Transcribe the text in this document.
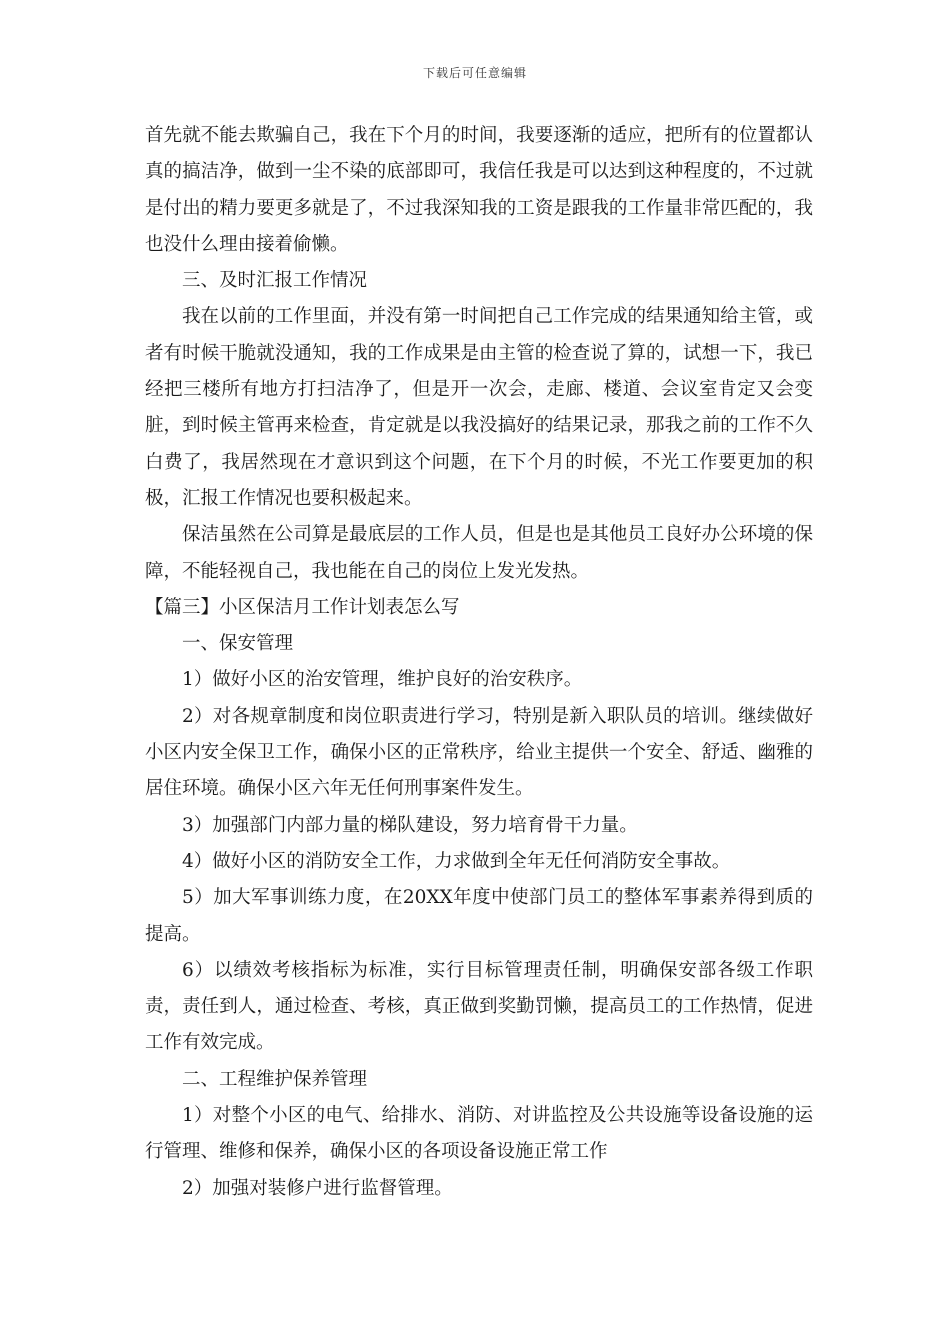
下载后可任意编辑

首先就不能去欺骗自己，我在下个月的时间，我要逐渐的适应，把所有的位置都认真的搞洁净，做到一尘不染的底部即可，我信任我是可以达到这种程度的，不过就是付出的精力要更多就是了，不过我深知我的工资是跟我的工作量非常匹配的，我也没什么理由接着偷懒。

三、及时汇报工作情况

我在以前的工作里面，并没有第一时间把自己工作完成的结果通知给主管，或者有时候干脆就没通知，我的工作成果是由主管的检查说了算的，试想一下，我已经把三楼所有地方打扫洁净了，但是开一次会，走廊、楼道、会议室肯定又会变脏，到时候主管再来检查，肯定就是以我没搞好的结果记录，那我之前的工作不久白费了，我居然现在才意识到这个问题，在下个月的时候，不光工作要更加的积极，汇报工作情况也要积极起来。

保洁虽然在公司算是最底层的工作人员，但是也是其他员工良好办公环境的保障，不能轻视自己，我也能在自己的岗位上发光发热。

【篇三】小区保洁月工作计划表怎么写

一、保安管理

1）做好小区的治安管理，维护良好的治安秩序。

2）对各规章制度和岗位职责进行学习，特别是新入职队员的培训。继续做好小区内安全保卫工作，确保小区的正常秩序，给业主提供一个安全、舒适、幽雅的居住环境。确保小区六年无任何刑事案件发生。

3）加强部门内部力量的梯队建设，努力培育骨干力量。

4）做好小区的消防安全工作，力求做到全年无任何消防安全事故。

5）加大军事训练力度，在20XX年度中使部门员工的整体军事素养得到质的提高。

6）以绩效考核指标为标准，实行目标管理责任制，明确保安部各级工作职责，责任到人，通过检查、考核，真正做到奖勤罚懒，提高员工的工作热情，促进工作有效完成。

二、工程维护保养管理

1）对整个小区的电气、给排水、消防、对讲监控及公共设施等设备设施的运行管理、维修和保养，确保小区的各项设备设施正常工作

2）加强对装修户进行监督管理。
